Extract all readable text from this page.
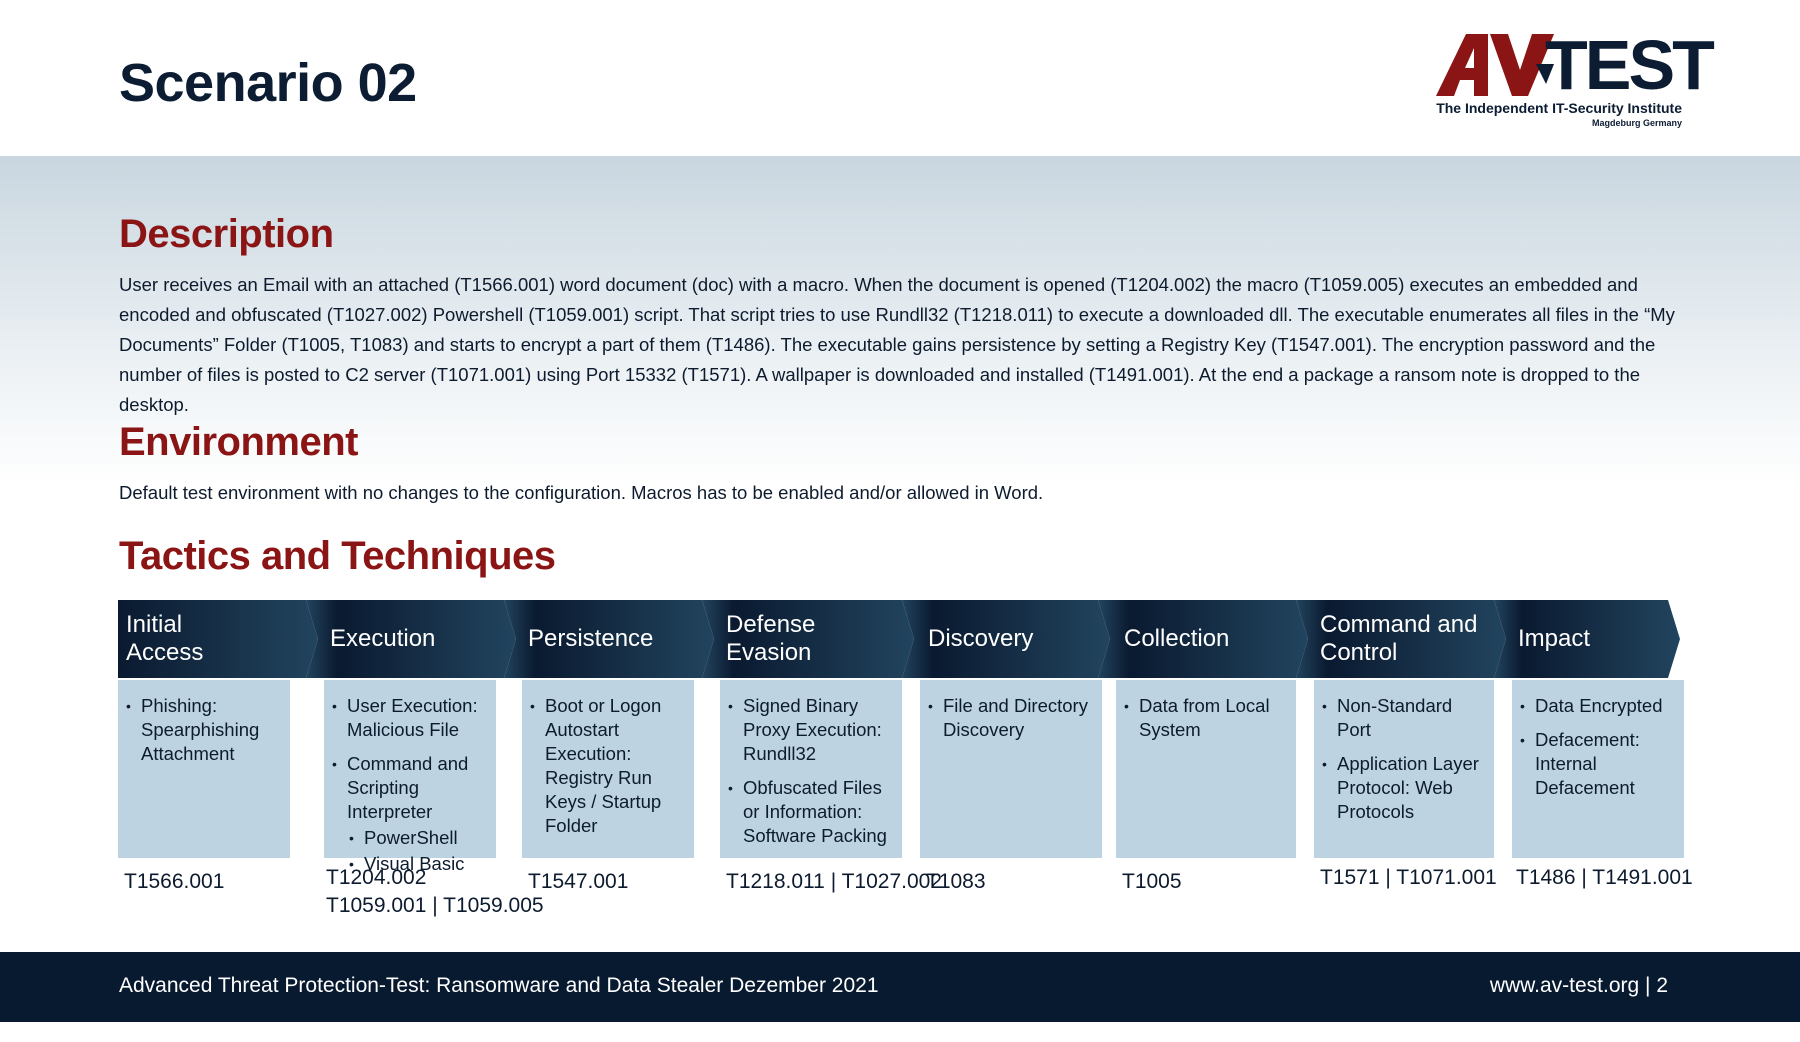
Scenario 02	TEST
The Independent IT-Security Institute
Magdeburg Germany
Description
User receives an Email with an attached (T1566.001) word document (doc) with a macro. When the document is opened (T1204.002) the macro (T1059.005) executes an embedded and encoded and obfuscated (T1027.002) Powershell (T1059.001) script. That script tries to use Rundll32 (T1218.011) to execute a downloaded dll. The executable enumerates all files in the “My Documents” Folder (T1005, T1083) and starts to encrypt a part of them (T1486). The executable gains persistence by setting a Registry Key (T1547.001). The encryption password and the number of files is posted to C2 server (T1071.001) using Port 15332 (T1571). A wallpaper is downloaded and installed (T1491.001). At the end a package a ransom note is dropped to the desktop.
Environment
Default test environment with no changes to the configuration. Macros has to be enabled and/or allowed in Word.
Tactics and Techniques
Initial
Access
• Phishing: Spearphishing Attachment
T1566.001
Execution
• User Execution: Malicious File
• Command and Scripting Interpreter
• PowerShell
• Visual Basic
T1204.002
T1059.001 | T1059.005
Persistence
• Boot or Logon Autostart Execution: Registry Run Keys / Startup Folder
T1547.001
Defense
Evasion
• Signed Binary Proxy Execution: Rundll32
• Obfuscated Files or Information: Software Packing
T1218.011 | T1027.002
Discovery
• File and Directory Discovery
T1083
Collection
• Data from Local System
T1005
Command and
Control
• Non-Standard Port
• Application Layer Protocol: Web Protocols
T1571 | T1071.001
Impact
• Data Encrypted
• Defacement: Internal Defacement
T1486 | T1491.001
Advanced Threat Protection-Test: Ransomware and Data Stealer Dezember 2021	www.av-test.org | 2
